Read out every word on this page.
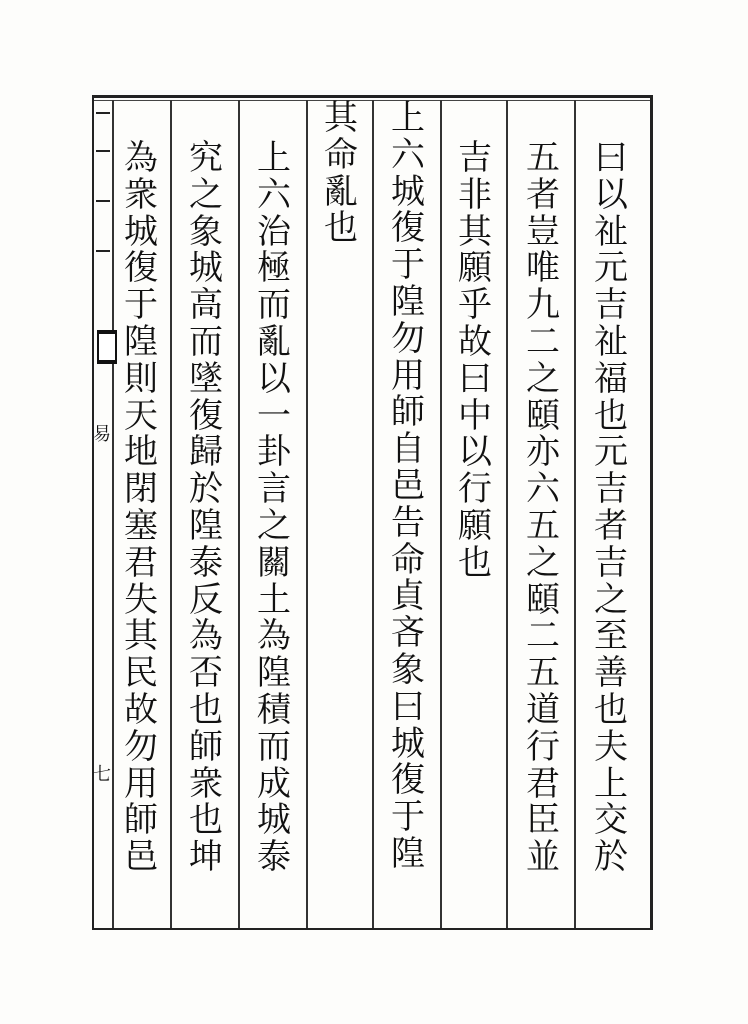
易
七
曰
以
祉
元
吉
祉
福
也
元
吉
者
吉
之
至
善
也
夫
上
交
於
五
者
豈
唯
九
二
之
頤
亦
六
五
之
頤
二
五
道
行
君
臣
並
吉
非
其
願
乎
故
曰
中
以
行
願
也
上
六
城
復
于
隍
勿
用
師
自
邑
告
命
貞
吝
象
曰
城
復
于
隍
其
命
亂
也
上
六
治
極
而
亂
以
一
卦
言
之
關
土
為
隍
積
而
成
城
泰
究
之
象
城
高
而
墜
復
歸
於
隍
泰
反
為
否
也
師
衆
也
坤
為
衆
城
復
于
隍
則
天
地
閉
塞
君
失
其
民
故
勿
用
師
邑
